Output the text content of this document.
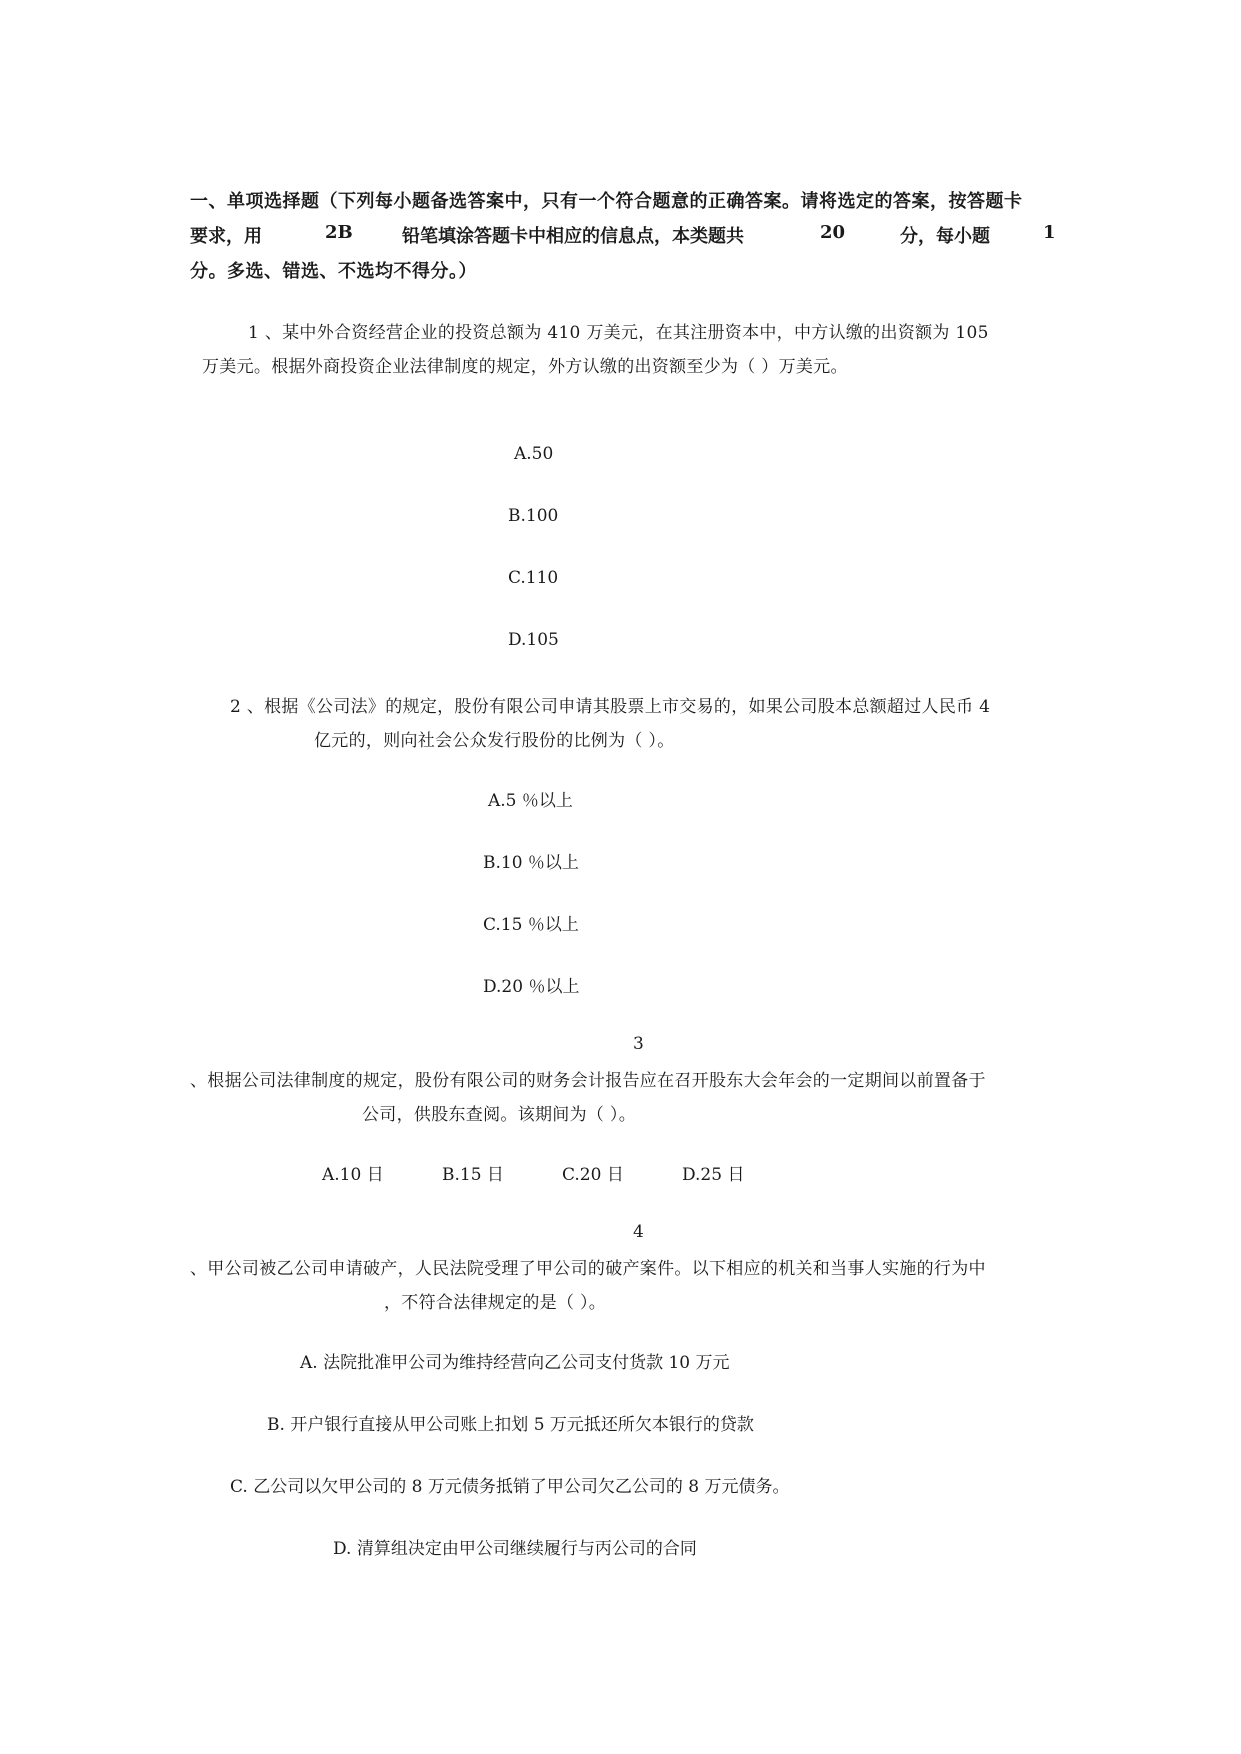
一、单项选择题（下列每小题备选答案中，只有一个符合题意的正确答案。请将选定的答案，按答题卡
要求，用	2B	铅笔填涂答题卡中相应的信息点，本类题共	20	分，每小题	1
分。多选、错选、不选均不得分。）
1 、某中外合资经营企业的投资总额为 410 万美元，在其注册资本中，中方认缴的出资额为 105
万美元。根据外商投资企业法律制度的规定，外方认缴的出资额至少为（ ）万美元。
A.50
B.100
C.110
D.105
2 、根据《公司法》的规定，股份有限公司申请其股票上市交易的，如果公司股本总额超过人民币 4
亿元的，则向社会公众发行股份的比例为（ ）。
A.5 ％以上
B.10 ％以上
C.15 ％以上
D.20 ％以上
3
、根据公司法律制度的规定，股份有限公司的财务会计报告应在召开股东大会年会的一定期间以前置备于
公司，供股东查阅。该期间为（ ）。
A.10 日	B.15 日	C.20 日	D.25 日
4
、甲公司被乙公司申请破产，人民法院受理了甲公司的破产案件。以下相应的机关和当事人实施的行为中
，不符合法律规定的是（ ）。
A. 法院批准甲公司为维持经营向乙公司支付货款 10 万元
B. 开户银行直接从甲公司账上扣划 5 万元抵还所欠本银行的贷款
C. 乙公司以欠甲公司的 8 万元债务抵销了甲公司欠乙公司的 8 万元债务。
D. 清算组决定由甲公司继续履行与丙公司的合同
